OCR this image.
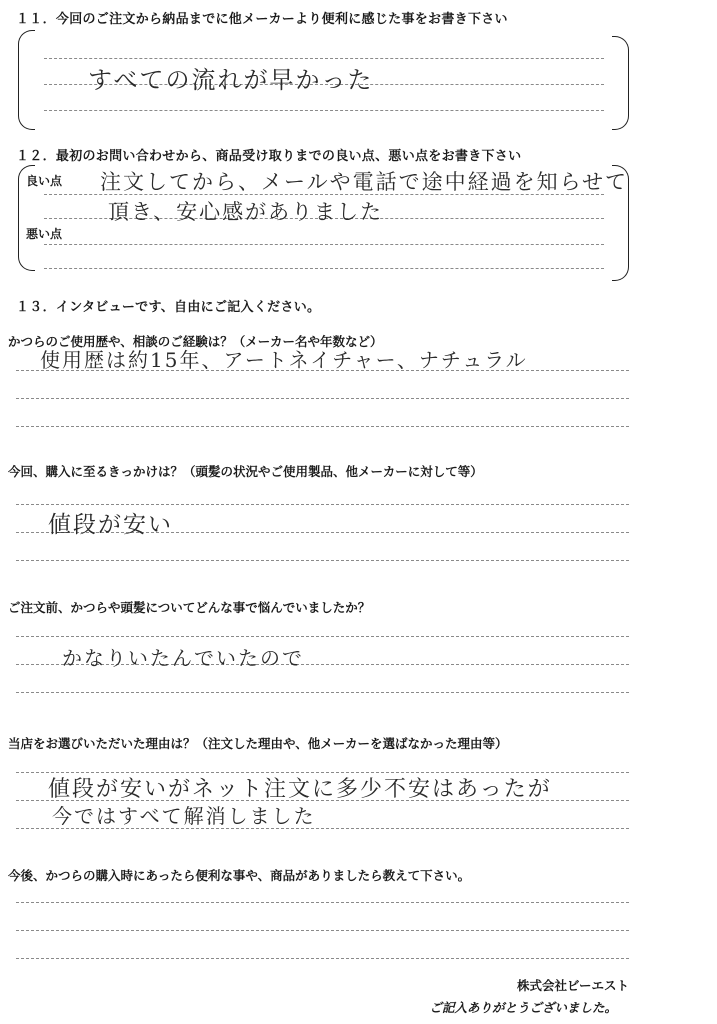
１１．今回のご注文から納品までに他メーカーより便利に感じた事をお書き下さい
すべての流れが早かった
１２．最初のお問い合わせから、商品受け取りまでの良い点、悪い点をお書き下さい
良い点
悪い点
注文してから、メールや電話で途中経過を知らせて
頂き、安心感がありました
１３．インタビューです、自由にご記入ください。
かつらのご使用歴や、相談のご経験は？（メーカー名や年数など）
使用歴は約15年、アートネイチャー、ナチュラル
今回、購入に至るきっかけは？（頭髪の状況やご使用製品、他メーカーに対して等）
値段が安い
ご注文前、かつらや頭髪についてどんな事で悩んでいましたか？
かなりいたんでいたので
当店をお選びいただいた理由は？（注文した理由や、他メーカーを選ばなかった理由等）
値段が安いがネット注文に多少不安はあったが
今ではすべて解消しました
今後、かつらの購入時にあったら便利な事や、商品がありましたら教えて下さい。
株式会社ビーエスト
ご記入ありがとうございました。
